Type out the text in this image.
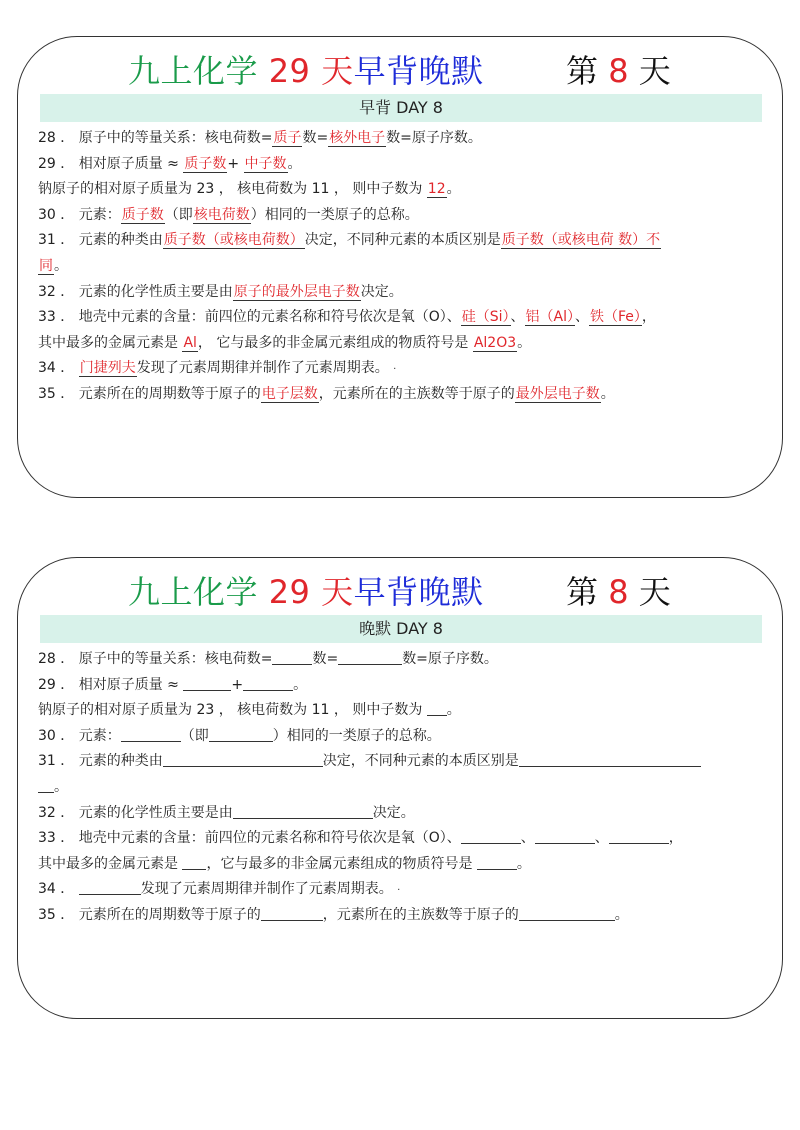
九上化学 29 天早背晚默	第 8 天
早背 DAY 8
28 ． 原子中的等量关系：核电荷数=质子数=核外电子数=原子序数。
29 ． 相对原子质量 ≈ 质子数+ 中子数。
钠原子的相对原子质量为 23 ， 核电荷数为 11 ， 则中子数为 12。
30 ． 元素：质子数（即核电荷数）相同的一类原子的总称。
31 ． 元素的种类由质子数（或核电荷数）决定，不同种元素的本质区别是质子数（或核电荷 数）不
同。
32 ． 元素的化学性质主要是由原子的最外层电子数决定。
33 ． 地壳中元素的含量：前四位的元素名称和符号依次是氧（O）、硅（Si）、铝（Al）、铁（Fe），
其中最多的金属元素是 Al， 它与最多的非金属元素组成的物质符号是 Al2O3。
34 ． 门捷列夫发现了元素周期律并制作了元素周期表。 ·
35 ． 元素所在的周期数等于原子的电子层数，元素所在的主族数等于原子的最外层电子数。
九上化学 29 天早背晚默	第 8 天
晚默 DAY 8
28 ． 原子中的等量关系：核电荷数=	数=	数=原子序数。
29 ． 相对原子质量 ≈	+	。
钠原子的相对原子质量为 23 ， 核电荷数为 11 ， 则中子数为 。
30 ． 元素：	（即	）相同的一类原子的总称。
31 ． 元素的种类由	决定，不同种元素的本质区别是
。
32 ． 元素的化学性质主要是由	决定。
33 ． 地壳中元素的含量：前四位的元素名称和符号依次是氧（O）、	、	、	，
其中最多的金属元素是 ，它与最多的非金属元素组成的物质符号是	。
34 ．	发现了元素周期律并制作了元素周期表。 ·
35 ． 元素所在的周期数等于原子的	，元素所在的主族数等于原子的	。
